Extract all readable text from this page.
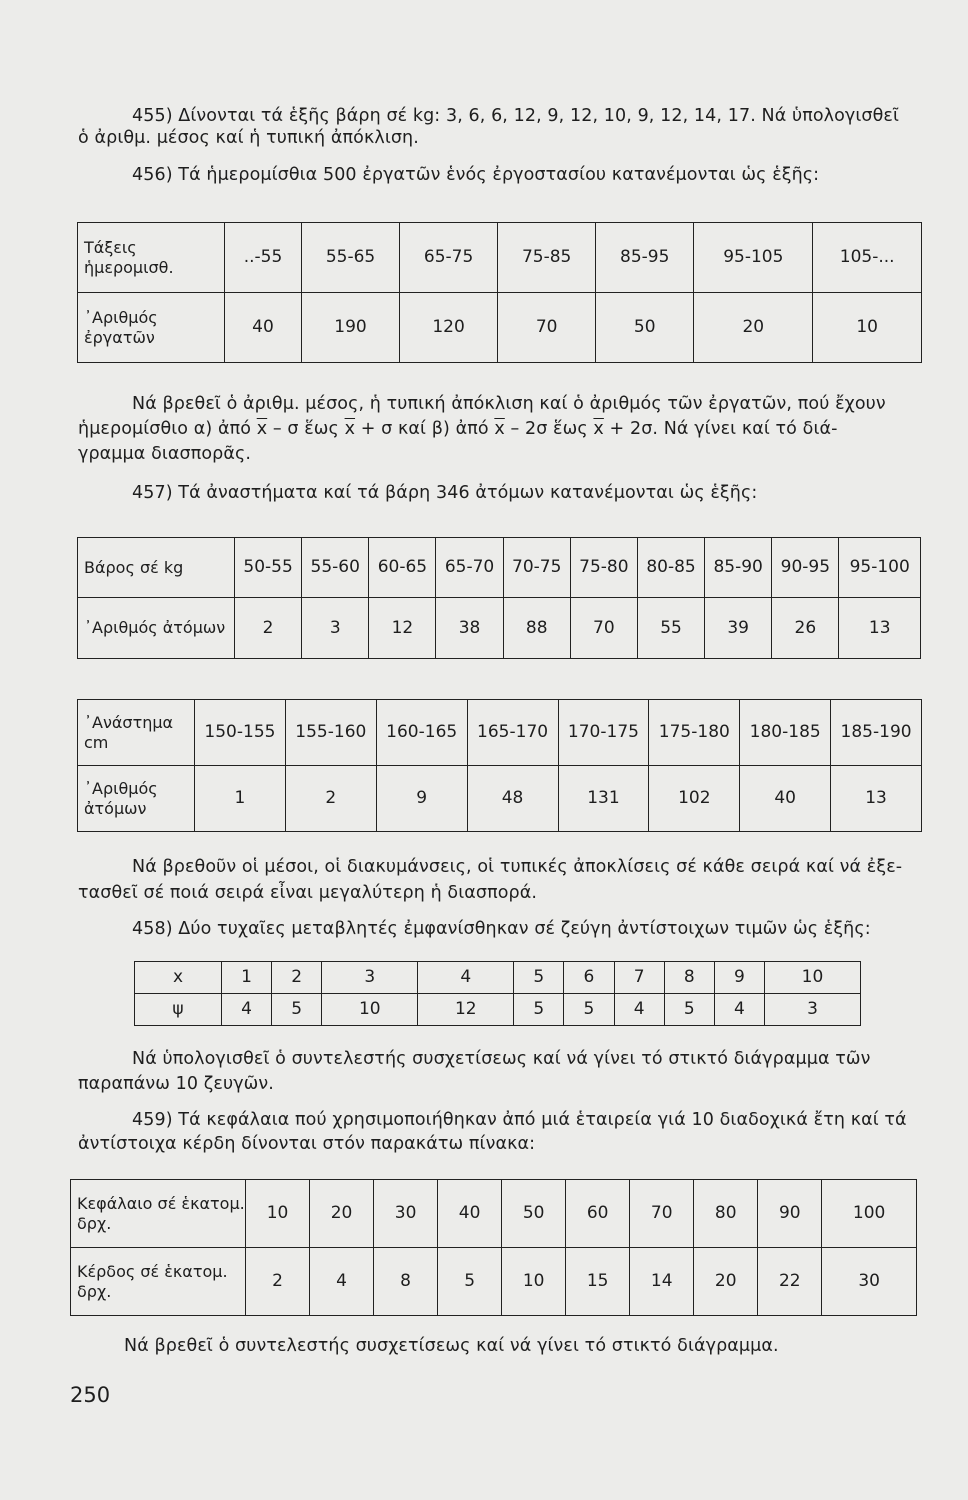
455) Δίνονται τά ἑξῆς βάρη σέ kg: 3, 6, 6, 12, 9, 12, 10, 9, 12, 14, 17. Νά ὑπολογισθεῖ
ὁ ἀριθμ. μέσος καί ἡ τυπική ἀπόκλιση.
456) Τά ἡμερομίσθια 500 ἐργατῶν ἑνός ἐργοστασίου κατανέμονται ὡς ἑξῆς:
Τάξεις ἡμερομισθ.	..-55	55-65	65-75	75-85	85-95	95-105	105-...
᾿Αριθμός ἐργατῶν	40	190	120	70	50	20	10
Νά βρεθεῖ ὁ ἀριθμ. μέσος, ἡ τυπική ἀπόκλιση καί ὁ ἀριθμός τῶν ἐργατῶν, πού ἔχουν
ἡμερομίσθιο α) ἀπό $\overline{x}$ – σ ἕως $\overline{x} + \sigma$ καί β) ἀπό $\overline{x} - 2\sigma$ ἕως $\overline{x} + 2\sigma$. Νά γίνει καί τό διά-
γραμμα διασπορᾶς.
457) Τά ἀναστήματα καί τά βάρη 346 ἀτόμων κατανέμονται ὡς ἑξῆς:
Βάρος σέ kg	50-55	55-60	60-65	65-70	70-75	75-80	80-85	85-90	90-95	95-100
᾿Αριθμός ἀτόμων	2	3	12	38	88	70	55	39	26	13
᾿Ανάστημα cm	150-155	155-160	160-165	165-170	170-175	175-180	180-185	185-190
᾿Αριθμός ἀτόμων	1	2	9	48	131	102	40	13
Νά βρεθοῦν οἱ μέσοι, οἱ διακυμάνσεις, οἱ τυπικές ἀποκλίσεις σέ κάθε σειρά καί νά ἐξε-
τασθεῖ σέ ποιά σειρά εἶναι μεγαλύτερη ἡ διασπορά.
458) Δύο τυχαῖες μεταβλητές ἐμφανίσθηκαν σέ ζεύγη ἀντίστοιχων τιμῶν ὡς ἑξῆς:
x	1	2	3	4	5	6	7	8	9	10
ψ	4	5	10	12	5	5	4	5	4	3
Νά ὑπολογισθεῖ ὁ συντελεστής συσχετίσεως καί νά γίνει τό στικτό διάγραμμα τῶν
παραπάνω 10 ζευγῶν.
459) Τά κεφάλαια πού χρησιμοποιήθηκαν ἀπό μιά ἑταιρεία γιά 10 διαδοχικά ἔτη καί τά
ἀντίστοιχα κέρδη δίνονται στόν παρακάτω πίνακα:
Κεφάλαιο σέ ἑκατομ. δρχ.	10	20	30	40	50	60	70	80	90	100
Κέρδος σέ ἑκατομ. δρχ.	2	4	8	5	10	15	14	20	22	30
Νά βρεθεῖ ὁ συντελεστής συσχετίσεως καί νά γίνει τό στικτό διάγραμμα.
250
